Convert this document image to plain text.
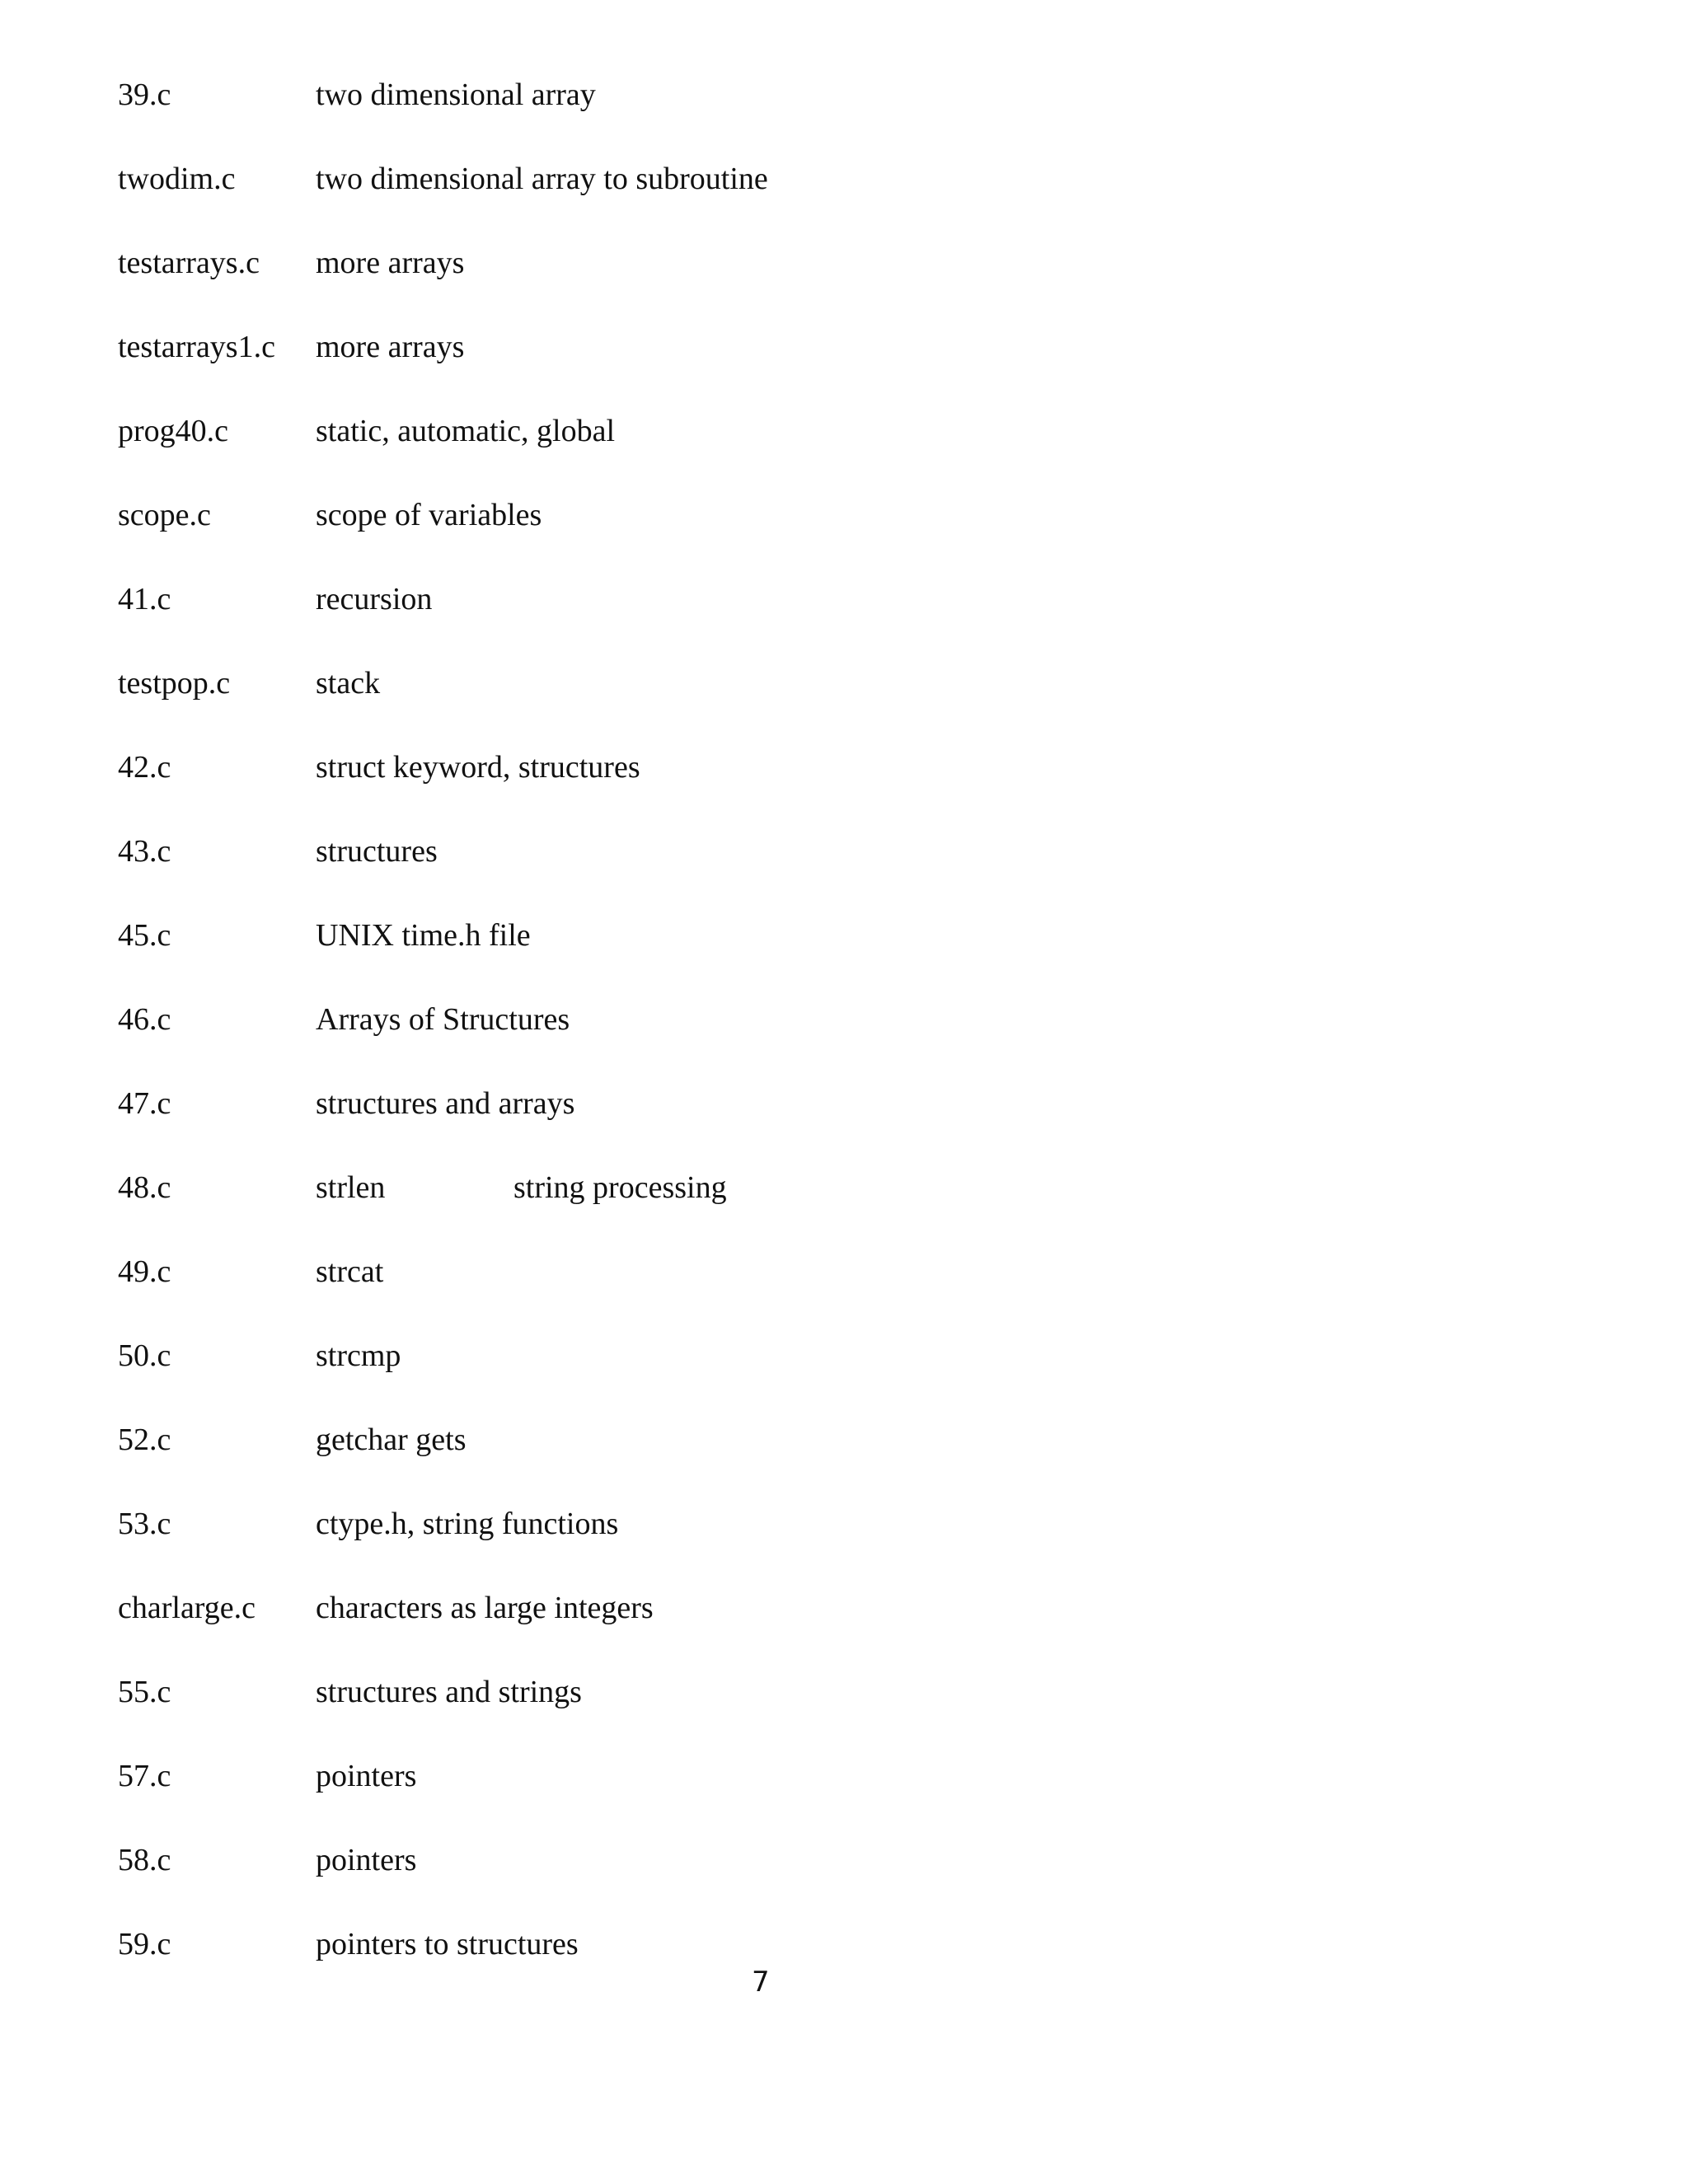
39.c	two dimensional array
twodim.c	two dimensional array to subroutine
testarrays.c more arrays
testarrays1.c more arrays
prog40.c	static, automatic, global
scope.c	scope of variables
41.c	recursion
testpop.c	stack
42.c	struct keyword, structures
43.c	structures
45.c	UNIX time.h file
46.c	Arrays of Structures
47.c	structures and arrays
48.c	strlen	string processing
49.c	strcat
50.c	strcmp
52.c	getchar gets
53.c	ctype.h, string functions
charlarge.c characters as large integers
55.c	structures and strings
57.c	pointers
58.c	pointers
59.c	pointers to structures
7
